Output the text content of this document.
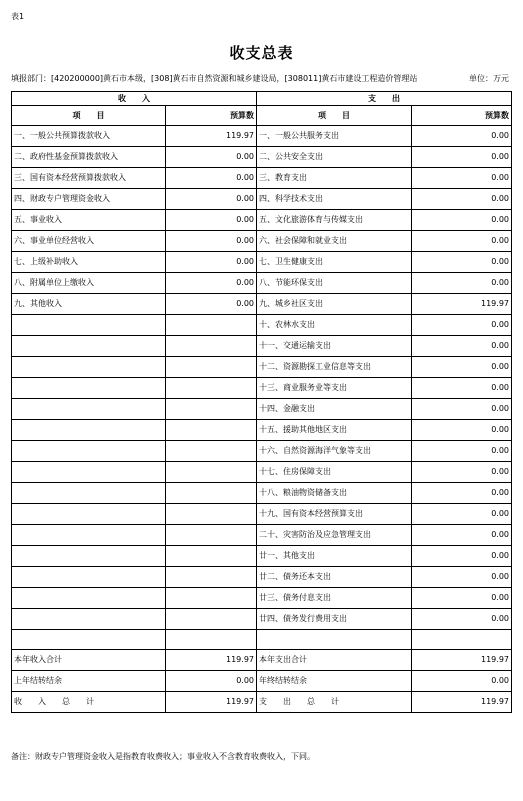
表1
收支总表
填报部门：[420200000]黄石市本级，[308]黄石市自然资源和城乡建设局，[308011]黄石市建设工程造价管理站	单位：万元
收　　入		支　　出	
项　　目	预算数	项　　目	预算数
一、一般公共预算拨款收入	119.97	一、一般公共服务支出	0.00
二、政府性基金预算拨款收入	0.00	二、公共安全支出	0.00
三、国有资本经营预算拨款收入	0.00	三、教育支出	0.00
四、财政专户管理资金收入	0.00	四、科学技术支出	0.00
五、事业收入	0.00	五、文化旅游体育与传媒支出	0.00
六、事业单位经营收入	0.00	六、社会保障和就业支出	0.00
七、上级补助收入	0.00	七、卫生健康支出	0.00
八、附属单位上缴收入	0.00	八、节能环保支出	0.00
九、其他收入	0.00	九、城乡社区支出	119.97
		十、农林水支出	0.00
		十一、交通运输支出	0.00
		十二、资源勘探工业信息等支出	0.00
		十三、商业服务业等支出	0.00
		十四、金融支出	0.00
		十五、援助其他地区支出	0.00
		十六、自然资源海洋气象等支出	0.00
		十七、住房保障支出	0.00
		十八、粮油物资储备支出	0.00
		十九、国有资本经营预算支出	0.00
		二十、灾害防治及应急管理支出	0.00
		廿一、其他支出	0.00
		廿二、债务还本支出	0.00
		廿三、债务付息支出	0.00
		廿四、债务发行费用支出	0.00

本年收入合计	119.97	本年支出合计	119.97
上年结转结余	0.00	年终结转结余	0.00
收　　入　　总　　计	119.97	支　　出　　总　　计	119.97
备注：财政专户管理资金收入是指教育收费收入；事业收入不含教育收费收入，下同。
